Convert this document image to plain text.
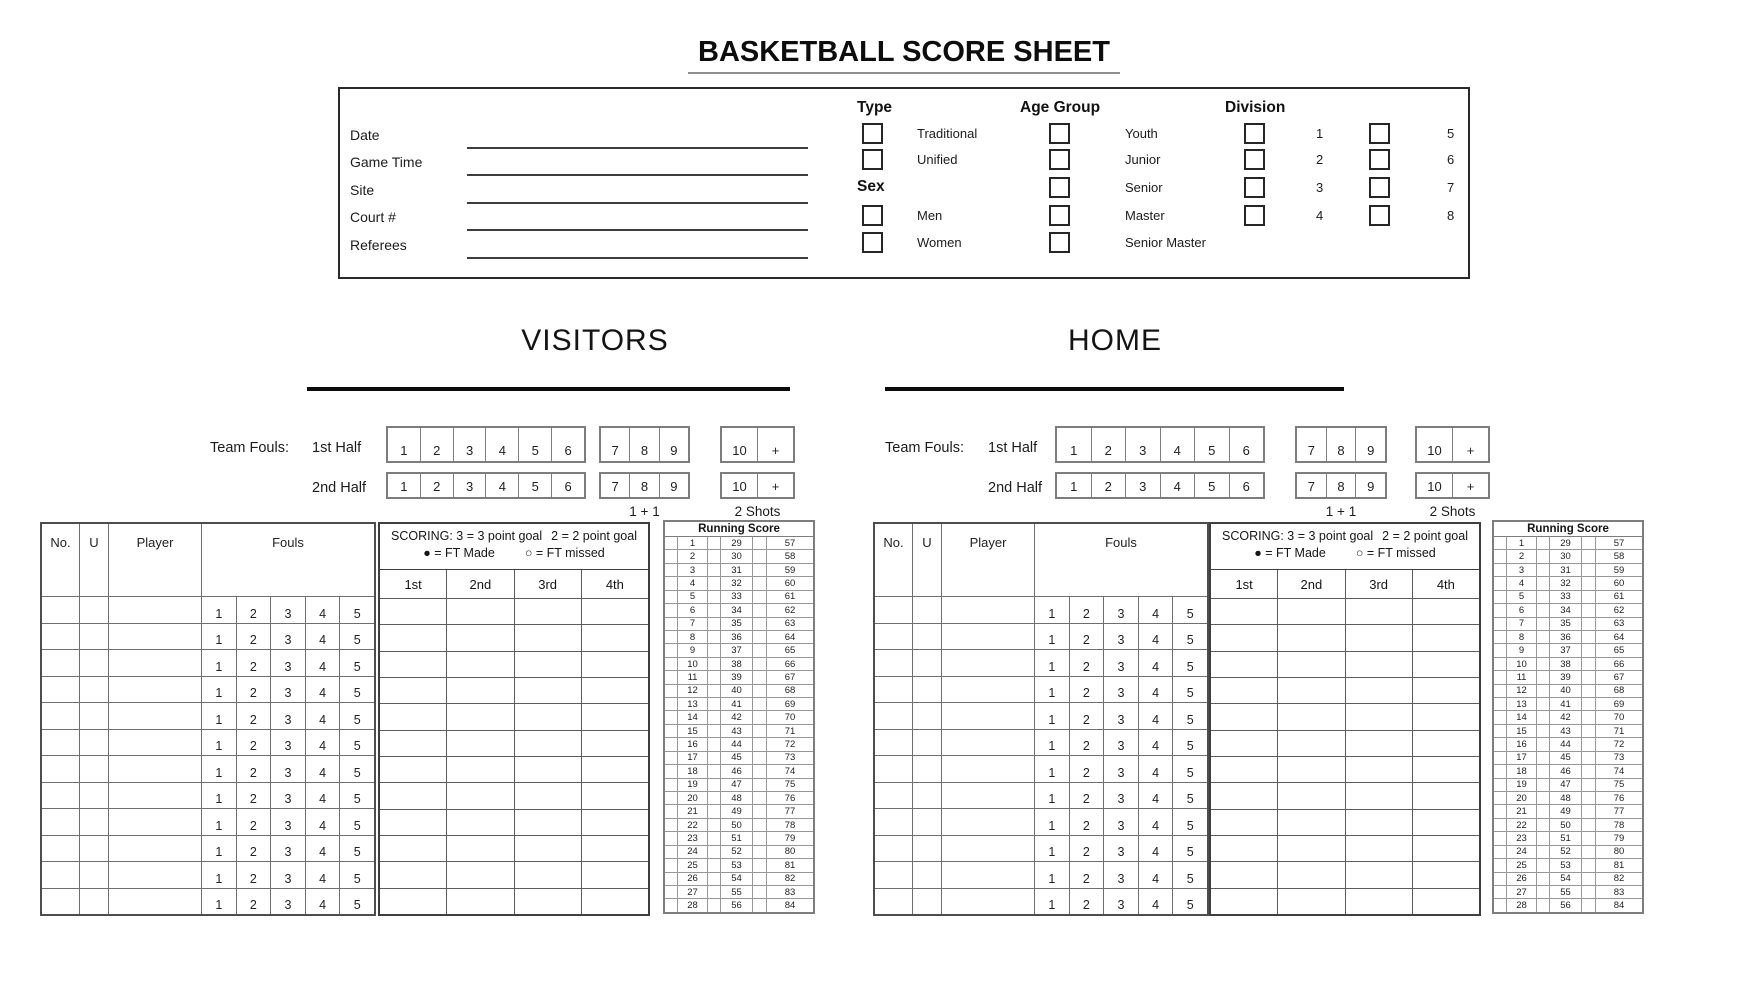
BASKETBALL SCORE SHEET
Date
Game Time
Site
Court #
Referees
Type
Traditional
Unified
Sex
Men
Women
Age Group
Youth
Junior
Senior
Master
Senior Master
Division
1
2
3
4
5
6
7
8
VISITORS
Team Fouls: 1st Half
2nd Half
1	2	3	4	5	6	7	8	9	10	+
1	2	3	4	5	6	7	8	9	10	+
1 + 1	2 Shots
No.	U	Player	Fouls
1	2	3	4	5
1	2	3	4	5
1	2	3	4	5
1	2	3	4	5
1	2	3	4	5
1	2	3	4	5
1	2	3	4	5
1	2	3	4	5
1	2	3	4	5
1	2	3	4	5
1	2	3	4	5
1	2	3	4	5
SCORING: 3 = 3 point goal 2 = 2 point goal
● = FT Made ○ = FT missed
1st	2nd	3rd	4th
Running Score
1	29	57
2	30	58
3	31	59
4	32	60
5	33	61
6	34	62
7	35	63
8	36	64
9	37	65
10	38	66
11	39	67
12	40	68
13	41	69
14	42	70
15	43	71
16	44	72
17	45	73
18	46	74
19	47	75
20	48	76
21	49	77
22	50	78
23	51	79
24	52	80
25	53	81
26	54	82
27	55	83
28	56	84
HOME
Team Fouls: 1st Half
2nd Half
1	2	3	4	5	6	7	8	9	10	+
1	2	3	4	5	6	7	8	9	10	+
1 + 1	2 Shots
No.	U	Player	Fouls
1	2	3	4	5
1	2	3	4	5
1	2	3	4	5
1	2	3	4	5
1	2	3	4	5
1	2	3	4	5
1	2	3	4	5
1	2	3	4	5
1	2	3	4	5
1	2	3	4	5
1	2	3	4	5
1	2	3	4	5
SCORING: 3 = 3 point goal 2 = 2 point goal
● = FT Made ○ = FT missed
1st	2nd	3rd	4th
Running Score
1	29	57
2	30	58
3	31	59
4	32	60
5	33	61
6	34	62
7	35	63
8	36	64
9	37	65
10	38	66
11	39	67
12	40	68
13	41	69
14	42	70
15	43	71
16	44	72
17	45	73
18	46	74
19	47	75
20	48	76
21	49	77
22	50	78
23	51	79
24	52	80
25	53	81
26	54	82
27	55	83
28	56	84
